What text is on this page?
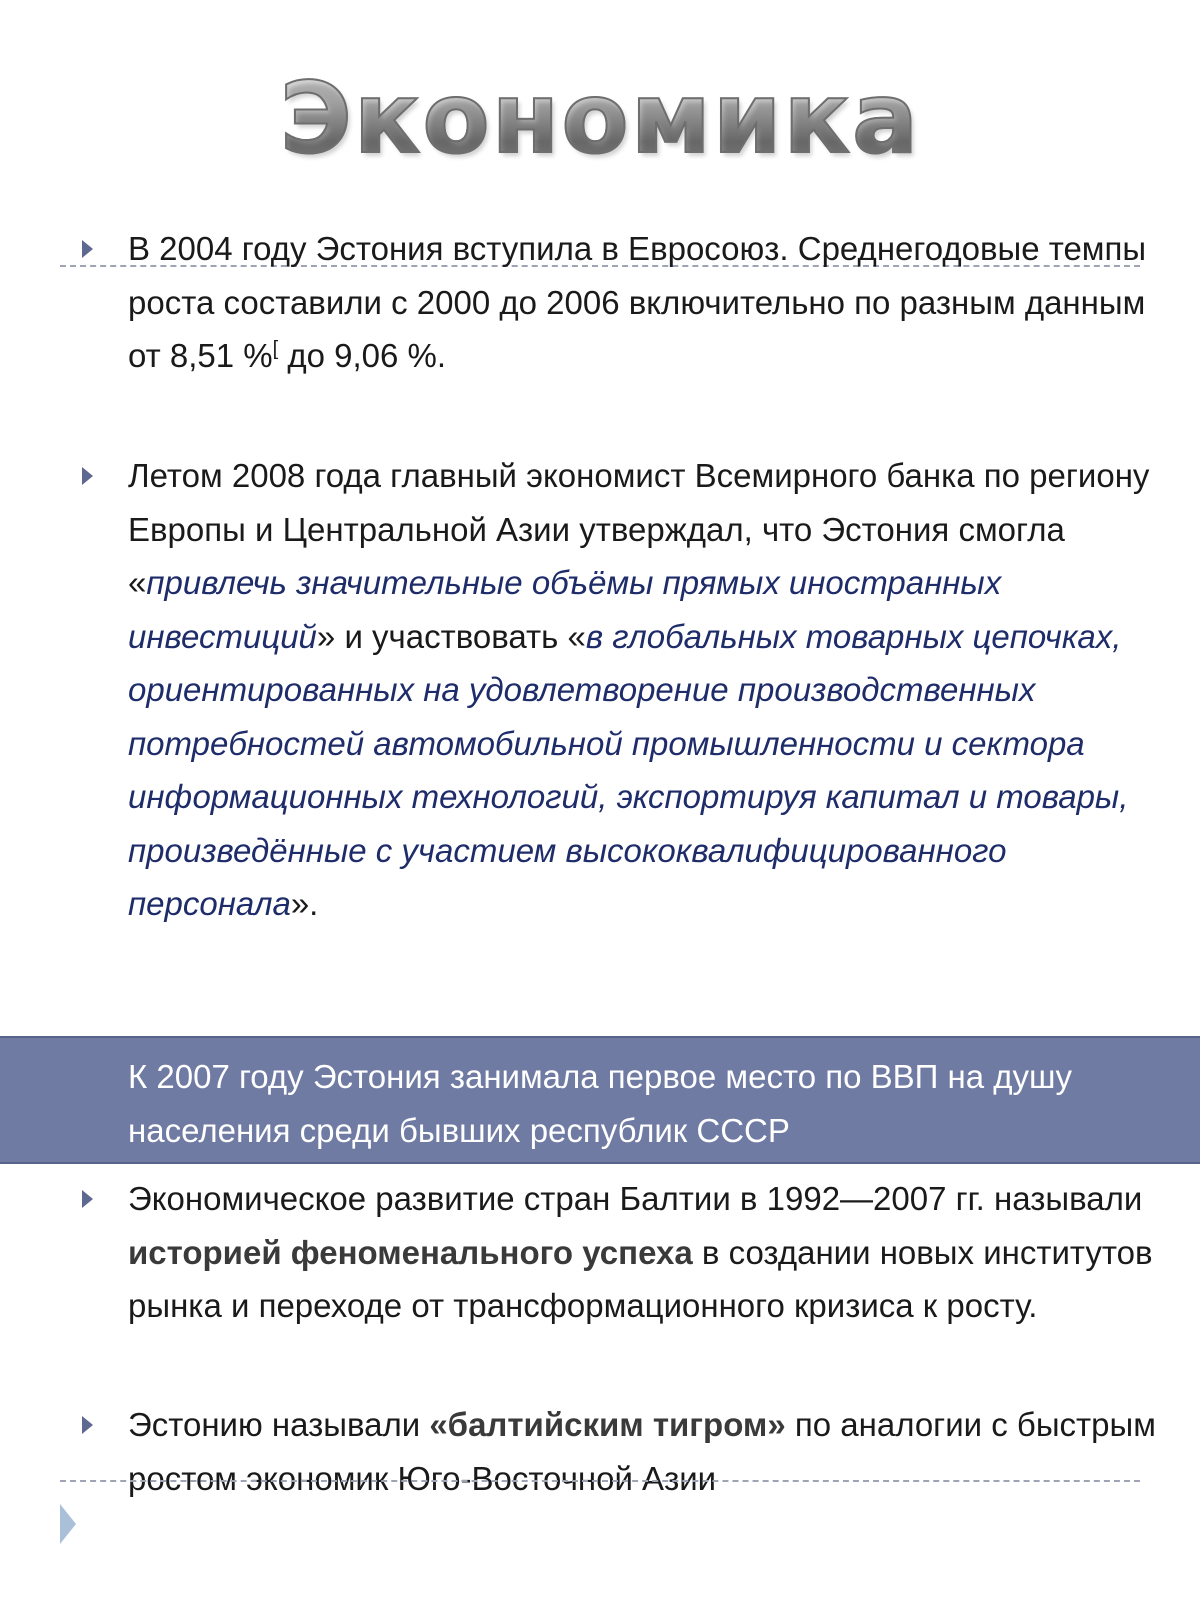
Экономика
В 2004 году Эстония вступила в Евросоюз. Среднегодовые темпы роста составили с 2000 до 2006 включительно по разным данным от 8,51 %[ до 9,06 %.
Летом 2008 года главный экономист Всемирного банка по региону Европы и Центральной Азии утверждал, что Эстония смогла «привлечь значительные объёмы прямых иностранных инвестиций» и участвовать «в глобальных товарных цепочках, ориентированных на удовлетворение производственных потребностей автомобильной промышленности и сектора информационных технологий, экспортируя капитал и товары, произведённые с участием высококвалифицированного персонала».
К 2007 году Эстония занимала первое место по ВВП на душу населения среди бывших республик СССР
Экономическое развитие стран Балтии в 1992—2007 гг. называли историей феноменального успеха в создании новых институтов рынка и переходе от трансформационного кризиса к росту.
Эстонию называли «балтийским тигром» по аналогии с быстрым ростом экономик Юго-Восточной Азии
